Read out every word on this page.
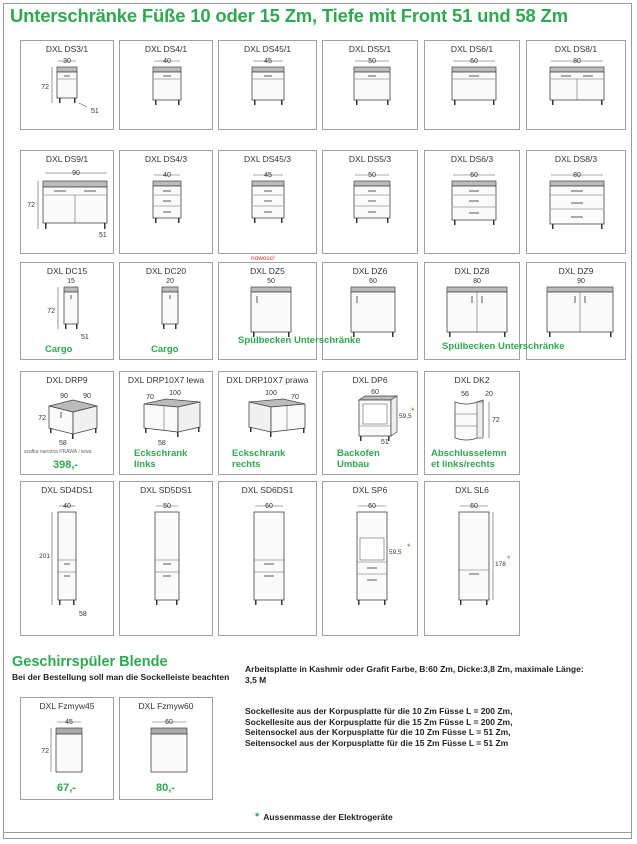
Unterschränke Füße 10 oder 15 Zm, Tiefe mit Front 51 und 58 Zm
DXL DS3/1
30
72
51
DXL DS4/1
40
DXL DS45/1
45
DXL DS5/1
50
DXL DS6/1
60
DXL DS8/1
80
DXL DS9/1
90
72
51
DXL DS4/3
40
DXL DS45/3
45
DXL DS5/3
50
DXL DS6/3
60
DXL DS8/3
80
DXL DC15
15
72
51
Cargo
DXL DC20
20
Cargo
DXL DZ5
50
nowosc!
DXL DZ6
60
DXL DZ8
80
DXL DZ9
90
Spülbecken Unterschränke
Spülbecken Unterschränke
DXL DRP9
90 90
72
58
szafka narożna PRAWA / lewa
398,-
DXL DRP10X7 lewa
100
70
58
Eckschrank
links
DXL DRP10X7 prawa
100
70
Eckschrank
rechts
DXL DP6
60
59,5
*
51
Backofen
Umbau
DXL DK2
56 20
72
Abschlusselemn
et links/rechts
DXL SD4DS1
40
201
58
DXL SD5DS1
50
DXL SD6DS1
60
DXL SP6
60
59,5
*
DXL SL6
60
178
*
Geschirrspüler Blende
Bei der Bestellung soll man die Sockelleiste beachten
DXL Fzmyw45
45
72
67,-
DXL Fzmyw60
60
80,-
Arbeitsplatte in Kashmir oder Grafit Farbe, B:60 Zm, Dicke:3,8 Zm, maximale Länge: 3,5 M
Sockellesite aus der Korpusplatte für die 10 Zm Füsse L = 200 Zm,
Sockellesite aus der Korpusplatte für die 15 Zm Füsse L = 200 Zm,
Seitensockel aus der Korpusplatte für die 10 Zm Füsse L = 51 Zm,
Seitensockel aus der Korpusplatte für die 15 Zm Füsse L = 51 Zm
* Aussenmasse der Elektrogeräte
